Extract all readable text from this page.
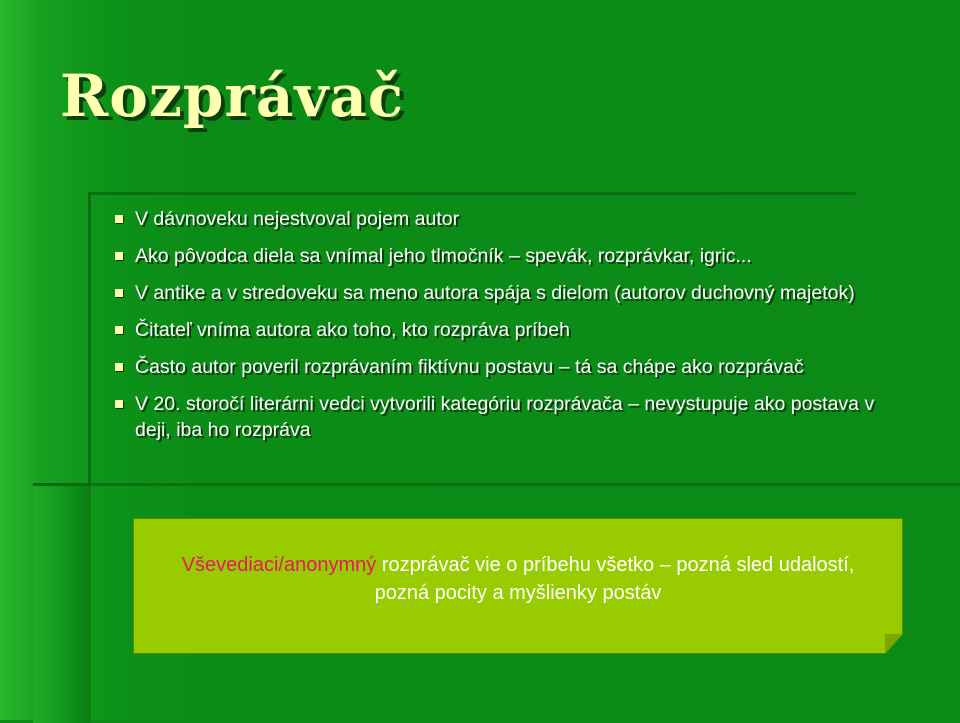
Rozprávač
V dávnoveku nejestvoval pojem autor
Ako pôvodca diela sa vnímal jeho tlmočník – spevák, rozprávkar, igric...
V antike a v stredoveku sa meno autora spája s dielom (autorov duchovný majetok)
Čitateľ vníma autora ako toho, kto rozpráva príbeh
Často autor poveril rozprávaním fiktívnu postavu – tá sa chápe ako rozprávač
V 20. storočí literárni vedci vytvorili kategóriu rozprávača – nevystupuje ako postava v deji, iba ho rozpráva
Vševediaci/anonymný rozprávač vie o príbehu všetko – pozná sled udalostí, pozná pocity a myšlienky postáv
